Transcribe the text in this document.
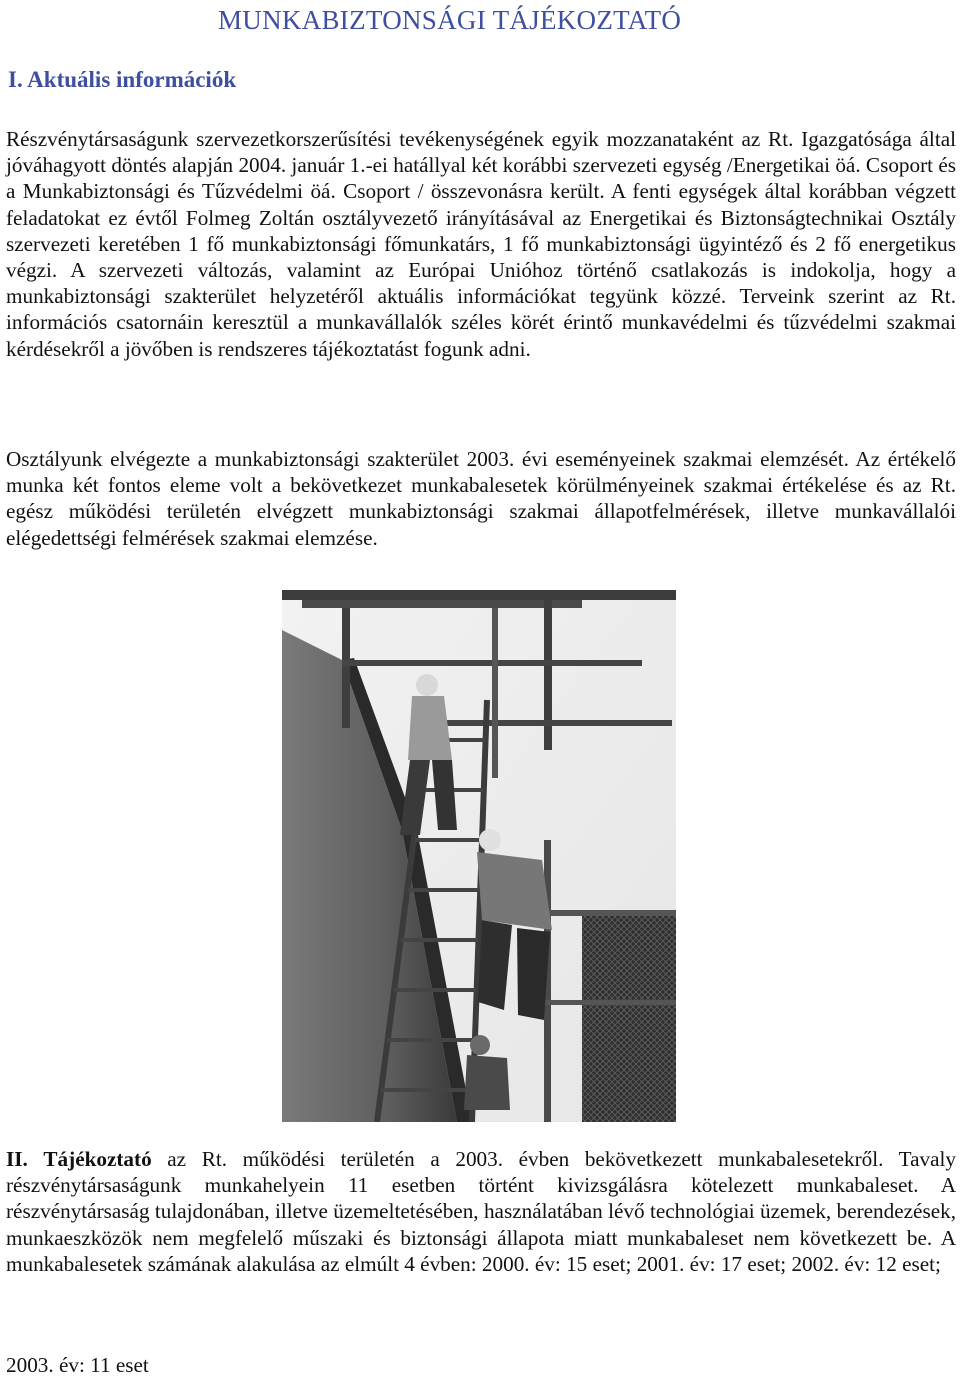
MUNKABIZTONSÁGI TÁJÉKOZTATÓ
I. Aktuális információk

Részvénytársaságunk szervezetkorszerűsítési tevékenységének egyik mozzanataként az Rt. Igazgatósága által jóváhagyott döntés alapján 2004. január 1.-ei hatállyal két korábbi szervezeti egység /Energetikai öá. Csoport és a Munkabiztonsági és Tűzvédelmi öá. Csoport / összevonásra került. A fenti egységek által korábban végzett feladatokat ez évtől Folmeg Zoltán osztályvezető irányításával az Energetikai és Biztonságtechnikai Osztály szervezeti keretében 1 fő munkabiztonsági főmunkatárs, 1 fő munkabiztonsági ügyintéző és 2 fő energetikus végzi. A szervezeti változás, valamint az Európai Unióhoz történő csatlakozás is indokolja, hogy a munkabiztonsági szakterület helyzetéről aktuális információkat tegyünk közzé. Terveink szerint az Rt. információs csatornáin keresztül a munkavállalók széles körét érintő munkavédelmi és tűzvédelmi szakmai kérdésekről a jövőben is rendszeres tájékoztatást fogunk adni.

Osztályunk elvégezte a munkabiztonsági szakterület 2003. évi eseményeinek szakmai elemzését. Az értékelő munka két fontos eleme volt a bekövetkezet munkabalesetek körülményeinek szakmai értékelése és az Rt. egész működési területén elvégzett munkabiztonsági szakmai állapotfelmérések, illetve munkavállalói elégedettségi felmérések szakmai elemzése.

II. Tájékoztató az Rt. működési területén a 2003. évben bekövetkezett munkabalesetekről. Tavaly részvénytársaságunk munkahelyein 11 esetben történt kivizsgálásra kötelezett munkabaleset. A részvénytársaság tulajdonában, illetve üzemeltetésében, használatában lévő technológiai üzemek, berendezések, munkaeszközök nem megfelelő műszaki és biztonsági állapota miatt munkabaleset nem következett be. A munkabalesetek számának alakulása az elmúlt 4 évben: 2000. év: 15 eset; 2001. év: 17 eset; 2002. év: 12 eset;

2003. év: 11 eset
